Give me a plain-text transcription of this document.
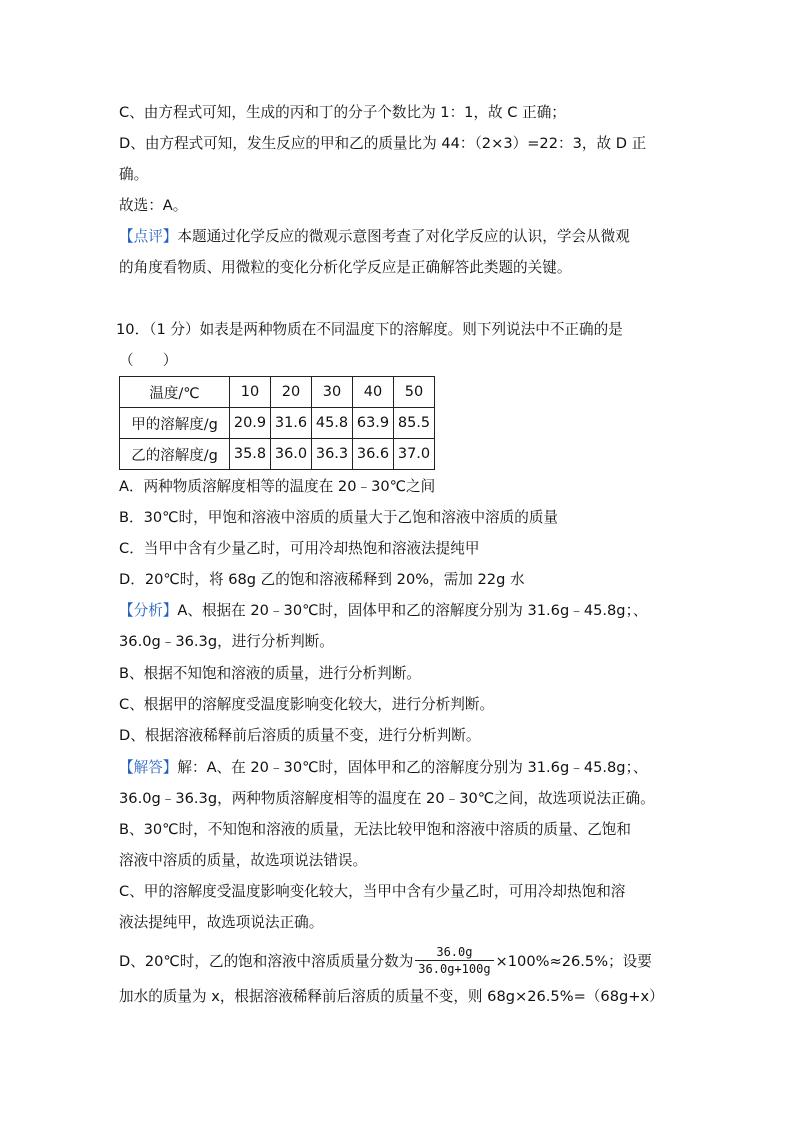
C、由方程式可知，生成的丙和丁的分子个数比为 1：1，故 C 正确；
D、由方程式可知，发生反应的甲和乙的质量比为 44：（2×3）=22：3，故 D 正
确。
故选：A。
【点评】本题通过化学反应的微观示意图考查了对化学反应的认识，学会从微观
的角度看物质、用微粒的变化分析化学反应是正确解答此类题的关键。
10．（1 分）如表是两种物质在不同温度下的溶解度。则下列说法中不正确的是
（　　）
温度/℃	10	20	30	40	50
甲的溶解度/g	20.9	31.6	45.8	63.9	85.5
乙的溶解度/g	35.8	36.0	36.3	36.6	37.0
A．两种物质溶解度相等的温度在 20﹣30℃之间
B．30℃时，甲饱和溶液中溶质的质量大于乙饱和溶液中溶质的质量
C．当甲中含有少量乙时，可用冷却热饱和溶液法提纯甲
D．20℃时，将 68g 乙的饱和溶液稀释到 20%，需加 22g 水
【分析】A、根据在 20﹣30℃时，固体甲和乙的溶解度分别为 31.6g﹣45.8g；、
36.0g﹣36.3g，进行分析判断。
B、根据不知饱和溶液的质量，进行分析判断。
C、根据甲的溶解度受温度影响变化较大，进行分析判断。
D、根据溶液稀释前后溶质的质量不变，进行分析判断。
【解答】解：A、在 20﹣30℃时，固体甲和乙的溶解度分别为 31.6g﹣45.8g；、
36.0g﹣36.3g，两种物质溶解度相等的温度在 20﹣30℃之间，故选项说法正确。
B、30℃时，不知饱和溶液的质量，无法比较甲饱和溶液中溶质的质量、乙饱和
溶液中溶质的质量，故选项说法错误。
C、甲的溶解度受温度影响变化较大，当甲中含有少量乙时，可用冷却热饱和溶
液法提纯甲，故选项说法正确。
D、20℃时，乙的饱和溶液中溶质质量分数为 $\frac{36.0g}{36.0g+100g} \times 100\%\approx 26.5\%$；设要
加水的质量为 x，根据溶液稀释前后溶质的质量不变，则 68g×26.5%=（68g+x）
